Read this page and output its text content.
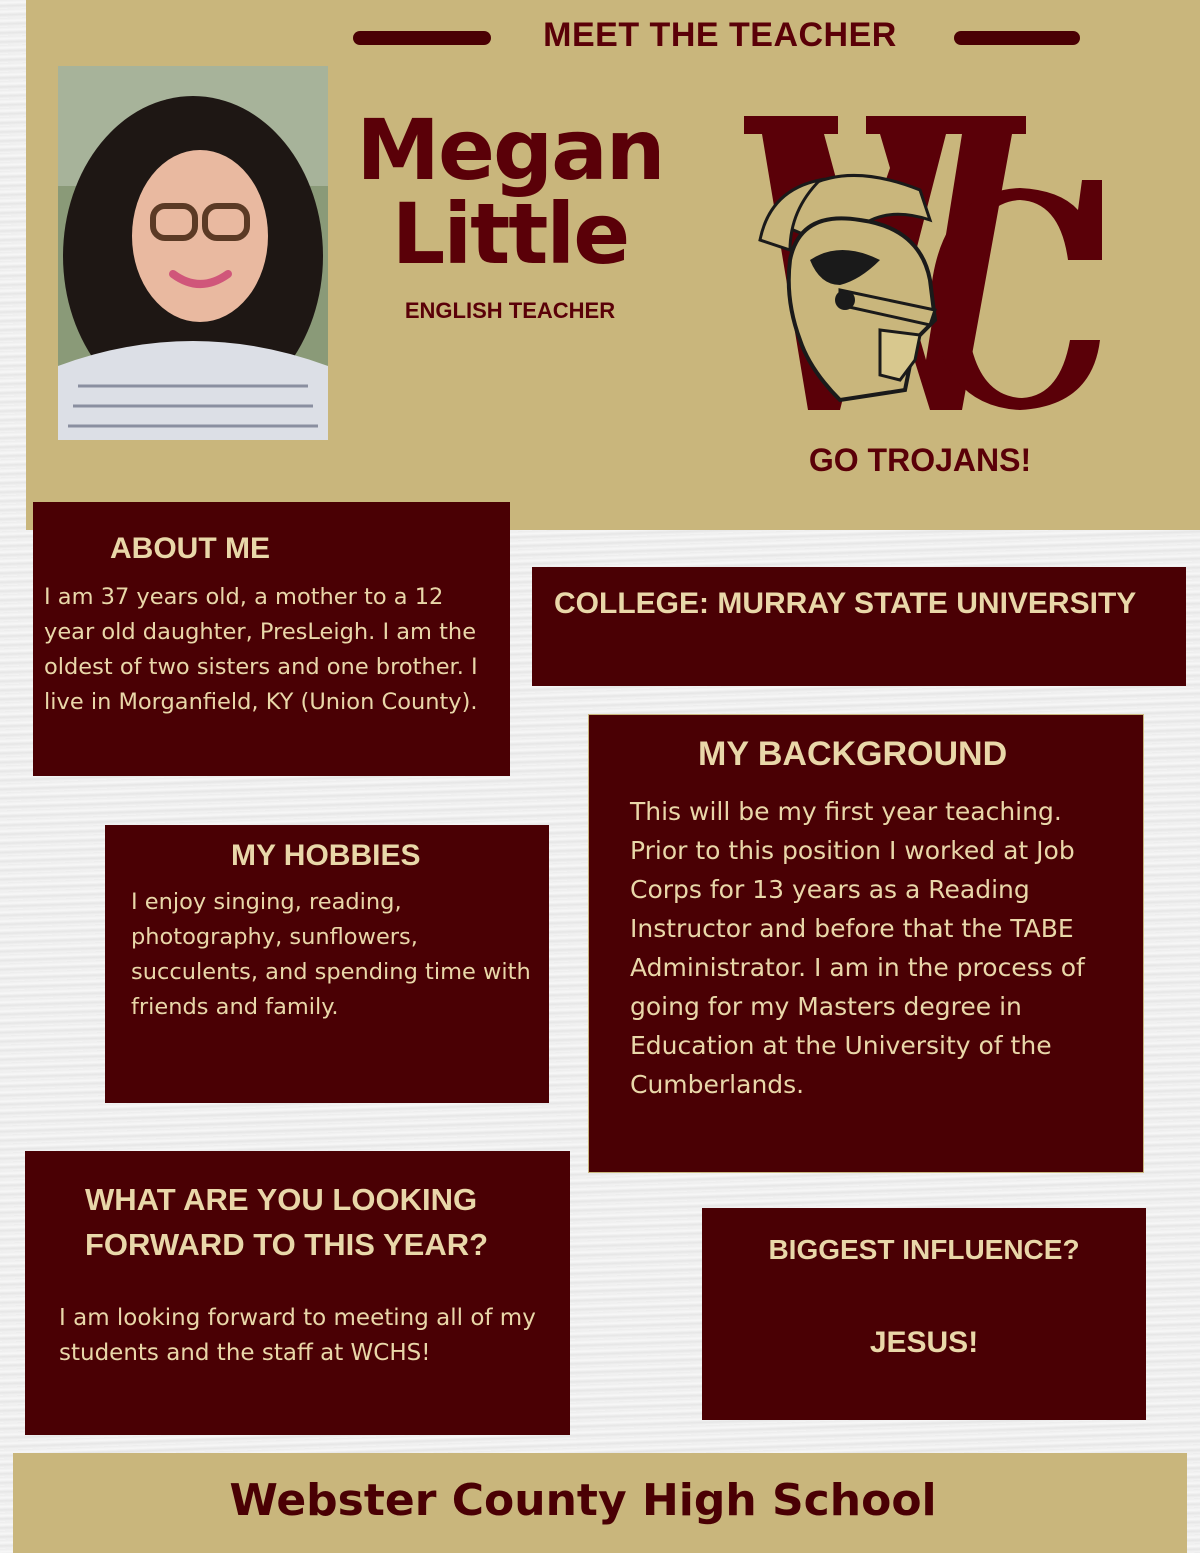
MEET THE TEACHER
Megan
Little
ENGLISH TEACHER
GO TROJANS!
ABOUT ME

I am 37 years old, a mother to a 12 year old daughter, PresLeigh. I am the oldest of two sisters and one brother. I live in Morganfield, KY (Union County).

COLLEGE: MURRAY STATE UNIVERSITY
MY HOBBIES

I enjoy singing, reading, photography, sunflowers, succulents, and spending time with friends and family.

MY BACKGROUND

This will be my first year teaching. Prior to this position I worked at Job Corps for 13 years as a Reading Instructor and before that the TABE Administrator. I am in the process of going for my Masters degree in Education at the University of the Cumberlands.

WHAT ARE YOU LOOKING FORWARD TO THIS YEAR?

I am looking forward to meeting all of my students and the staff at WCHS!

BIGGEST INFLUENCE?
JESUS!
Webster County High School
